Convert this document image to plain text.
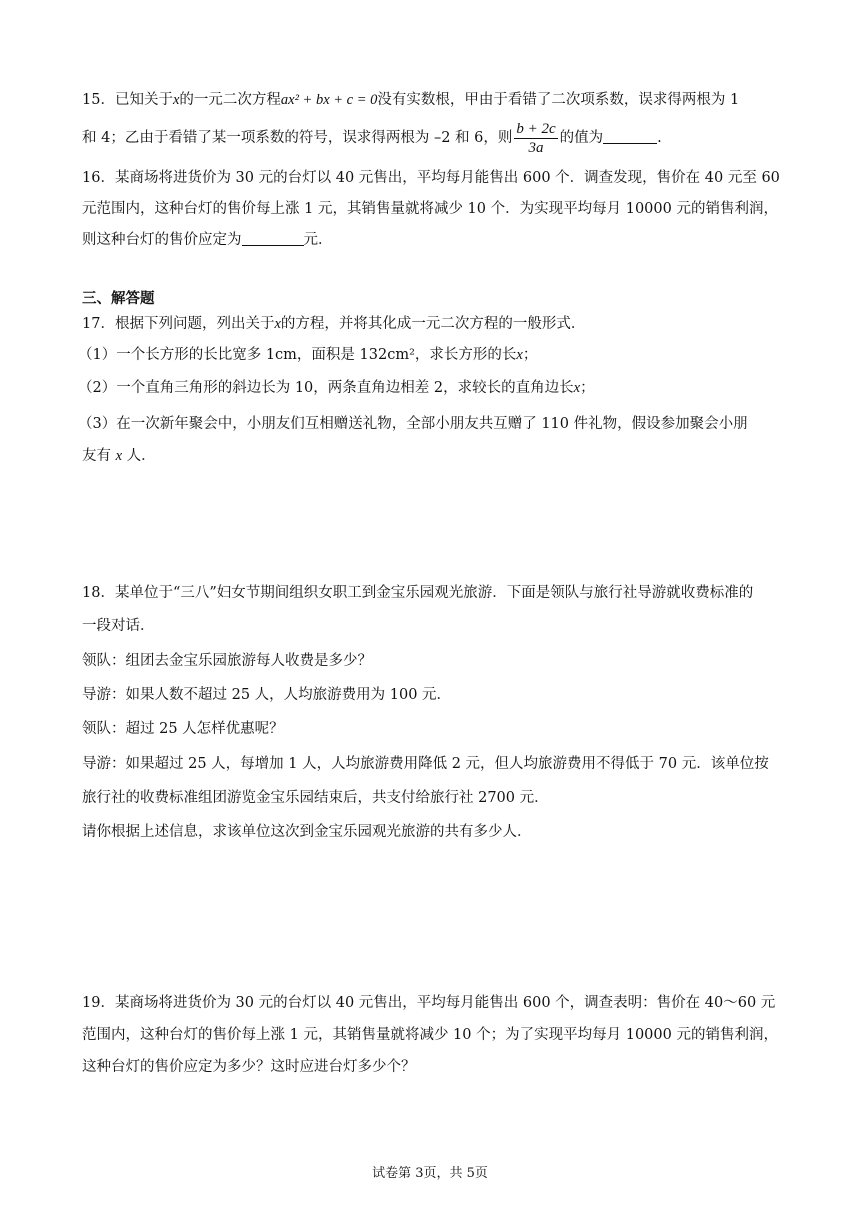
15．已知关于x的一元二次方程ax² + bx + c = 0没有实数根，甲由于看错了二次项系数，误求得两根为 1
和 4；乙由于看错了某一项系数的符号，误求得两根为 –2 和 6，则 $\frac{b + 2c}{3a}$ 的值为	.
16．某商场将进货价为 30 元的台灯以 40 元售出，平均每月能售出 600 个．调查发现，售价在 40 元至 60
元范围内，这种台灯的售价每上涨 1 元，其销售量就将减少 10 个．为实现平均每月 10000 元的销售利润，
则这种台灯的售价应定为	元．
三、解答题
17．根据下列问题，列出关于x的方程，并将其化成一元二次方程的一般形式．
（1）一个长方形的长比宽多 1cm，面积是 132cm²，求长方形的长x；
（2）一个直角三角形的斜边长为 10，两条直角边相差 2，求较长的直角边长x；
（3）在一次新年聚会中，小朋友们互相赠送礼物，全部小朋友共互赠了 110 件礼物，假设参加聚会小朋
友有 x 人．
18．某单位于“三八”妇女节期间组织女职工到金宝乐园观光旅游．下面是领队与旅行社导游就收费标准的
一段对话．
领队：组团去金宝乐园旅游每人收费是多少？
导游：如果人数不超过 25 人，人均旅游费用为 100 元．
领队：超过 25 人怎样优惠呢？
导游：如果超过 25 人，每增加 1 人，人均旅游费用降低 2 元，但人均旅游费用不得低于 70 元．该单位按
旅行社的收费标准组团游览金宝乐园结束后，共支付给旅行社 2700 元．
请你根据上述信息，求该单位这次到金宝乐园观光旅游的共有多少人．
19．某商场将进货价为 30 元的台灯以 40 元售出，平均每月能售出 600 个，调查表明：售价在 40～60 元
范围内，这种台灯的售价每上涨 1 元，其销售量就将减少 10 个；为了实现平均每月 10000 元的销售利润，
这种台灯的售价应定为多少？这时应进台灯多少个？
试卷第 3页，共 5页
